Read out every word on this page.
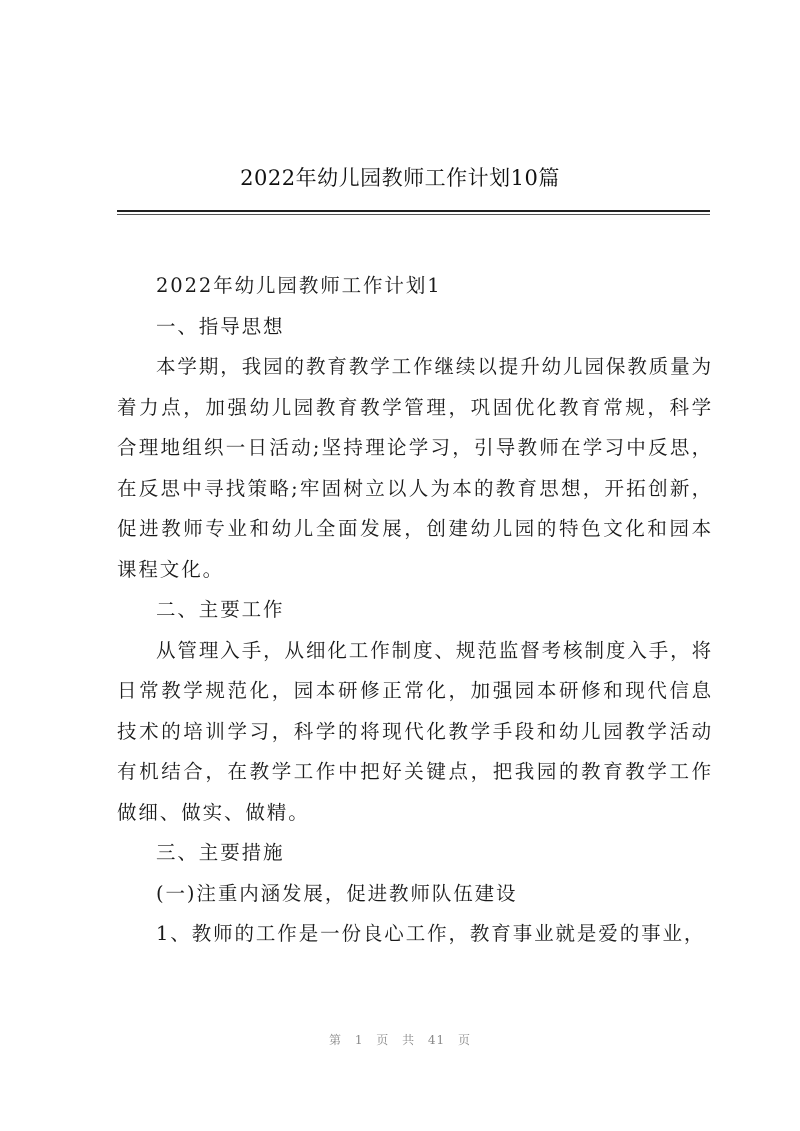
2022年幼儿园教师工作计划10篇

2022年幼儿园教师工作计划1

一、指导思想

本学期，我园的教育教学工作继续以提升幼儿园保教质量为着力点，加强幼儿园教育教学管理，巩固优化教育常规，科学合理地组织一日活动;坚持理论学习，引导教师在学习中反思，在反思中寻找策略;牢固树立以人为本的教育思想，开拓创新，促进教师专业和幼儿全面发展，创建幼儿园的特色文化和园本课程文化。

二、主要工作

从管理入手，从细化工作制度、规范监督考核制度入手，将日常教学规范化，园本研修正常化，加强园本研修和现代信息技术的培训学习，科学的将现代化教学手段和幼儿园教学活动有机结合，在教学工作中把好关键点，把我园的教育教学工作做细、做实、做精。

三、主要措施

(一)注重内涵发展，促进教师队伍建设

1、教师的工作是一份良心工作，教育事业就是爱的事业，

第 1 页 共 41 页
